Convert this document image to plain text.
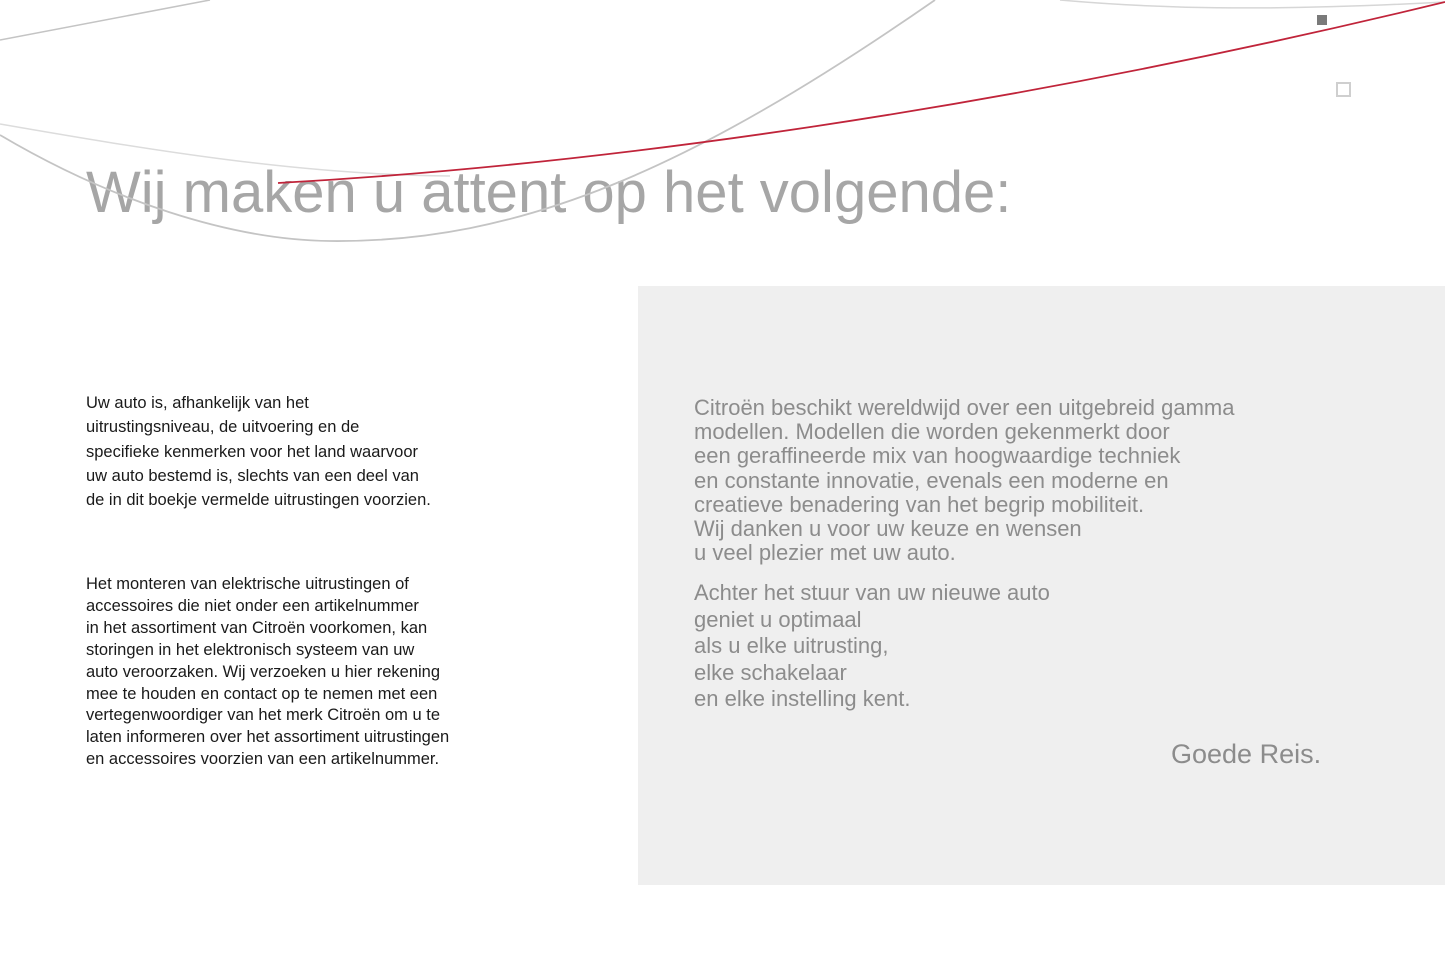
Wij maken u attent op het volgende:

Uw auto is, afhankelijk van het
uitrustingsniveau, de uitvoering en de
specifieke kenmerken voor het land waarvoor
uw auto bestemd is, slechts van een deel van
de in dit boekje vermelde uitrustingen voorzien.

Het monteren van elektrische uitrustingen of
accessoires die niet onder een artikelnummer
in het assortiment van Citroën voorkomen, kan
storingen in het elektronisch systeem van uw
auto veroorzaken. Wij verzoeken u hier rekening
mee te houden en contact op te nemen met een
vertegenwoordiger van het merk Citroën om u te
laten informeren over het assortiment uitrustingen
en accessoires voorzien van een artikelnummer.

Citroën beschikt wereldwijd over een uitgebreid gamma
modellen. Modellen die worden gekenmerkt door
een geraffineerde mix van hoogwaardige techniek
en constante innovatie, evenals een moderne en
creatieve benadering van het begrip mobiliteit.
Wij danken u voor uw keuze en wensen
u veel plezier met uw auto.

Achter het stuur van uw nieuwe auto
geniet u optimaal
als u elke uitrusting,
elke schakelaar
en elke instelling kent.

Goede Reis.
